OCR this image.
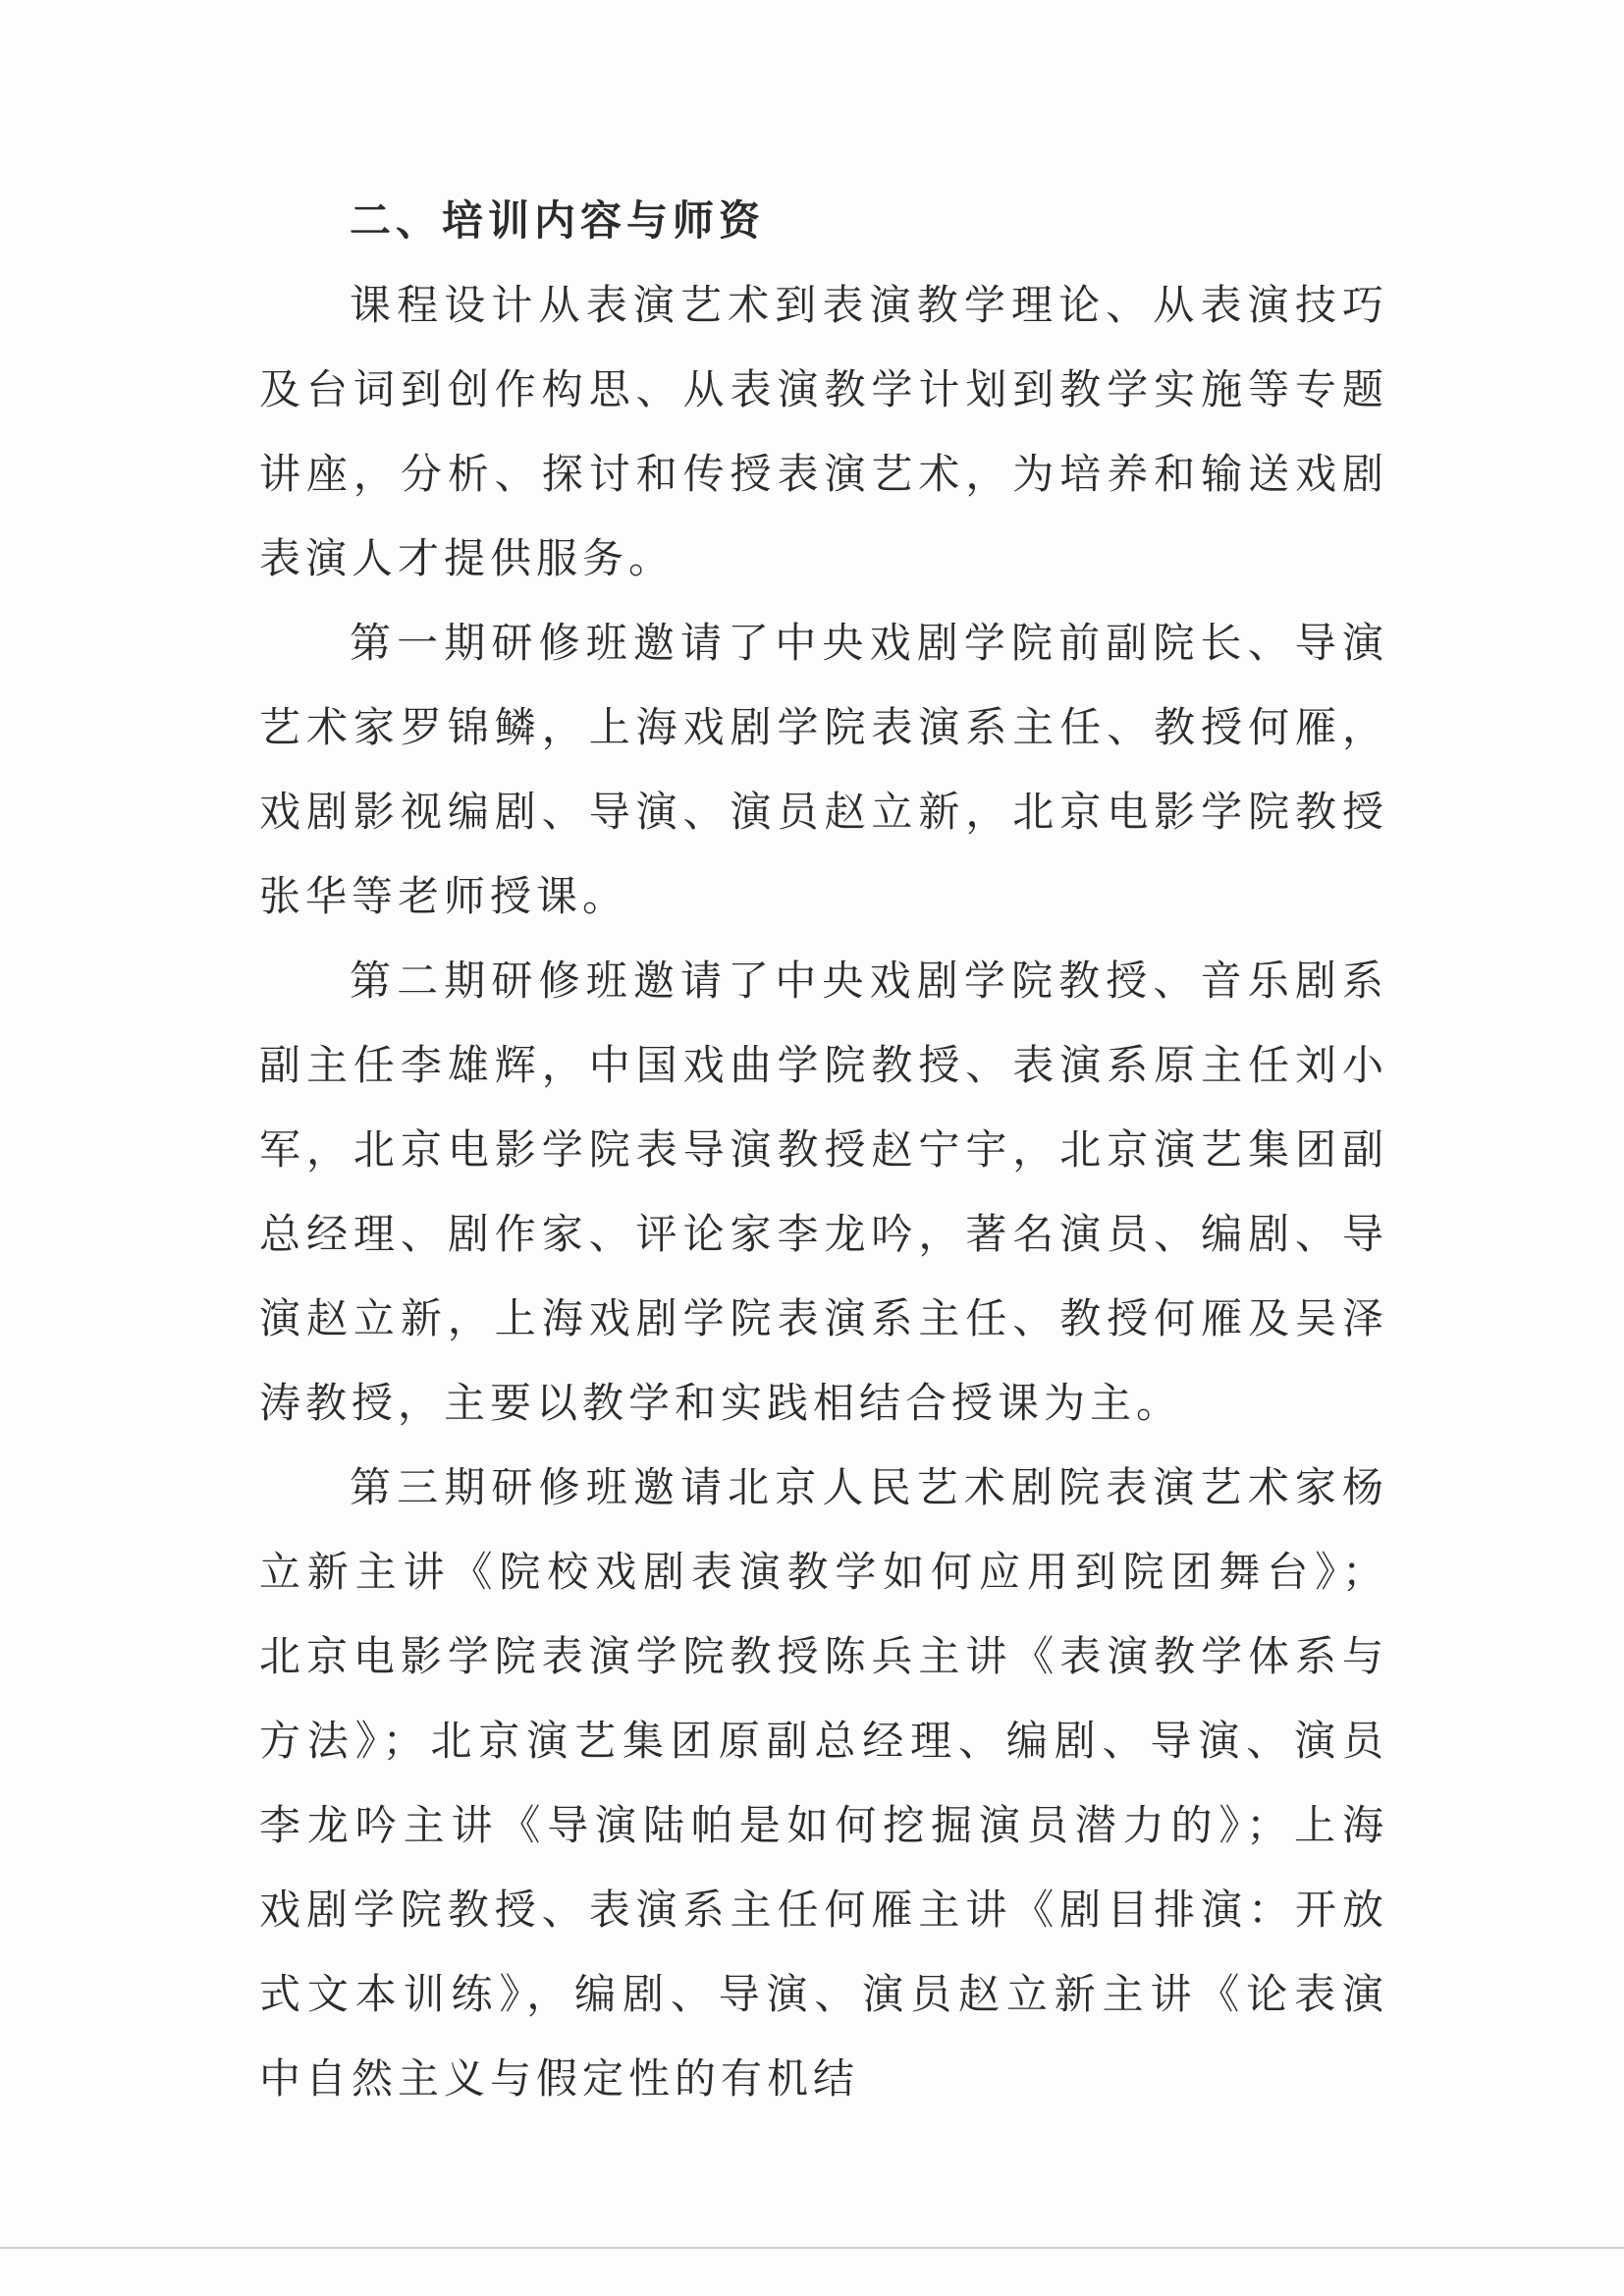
二、培训内容与师资

课程设计从表演艺术到表演教学理论、从表演技巧及台词到创作构思、从表演教学计划到教学实施等专题讲座，分析、探讨和传授表演艺术，为培养和输送戏剧表演人才提供服务。

第一期研修班邀请了中央戏剧学院前副院长、导演艺术家罗锦鳞，上海戏剧学院表演系主任、教授何雁，戏剧影视编剧、导演、演员赵立新，北京电影学院教授张华等老师授课。

第二期研修班邀请了中央戏剧学院教授、音乐剧系副主任李雄辉，中国戏曲学院教授、表演系原主任刘小军，北京电影学院表导演教授赵宁宇，北京演艺集团副总经理、剧作家、评论家李龙吟，著名演员、编剧、导演赵立新，上海戏剧学院表演系主任、教授何雁及吴泽涛教授，主要以教学和实践相结合授课为主。

第三期研修班邀请北京人民艺术剧院表演艺术家杨立新主讲《院校戏剧表演教学如何应用到院团舞台》；北京电影学院表演学院教授陈兵主讲《表演教学体系与方法》；北京演艺集团原副总经理、编剧、导演、演员李龙吟主讲《导演陆帕是如何挖掘演员潜力的》；上海戏剧学院教授、表演系主任何雁主讲《剧目排演：开放式文本训练》，编剧、导演、演员赵立新主讲《论表演中自然主义与假定性的有机结
